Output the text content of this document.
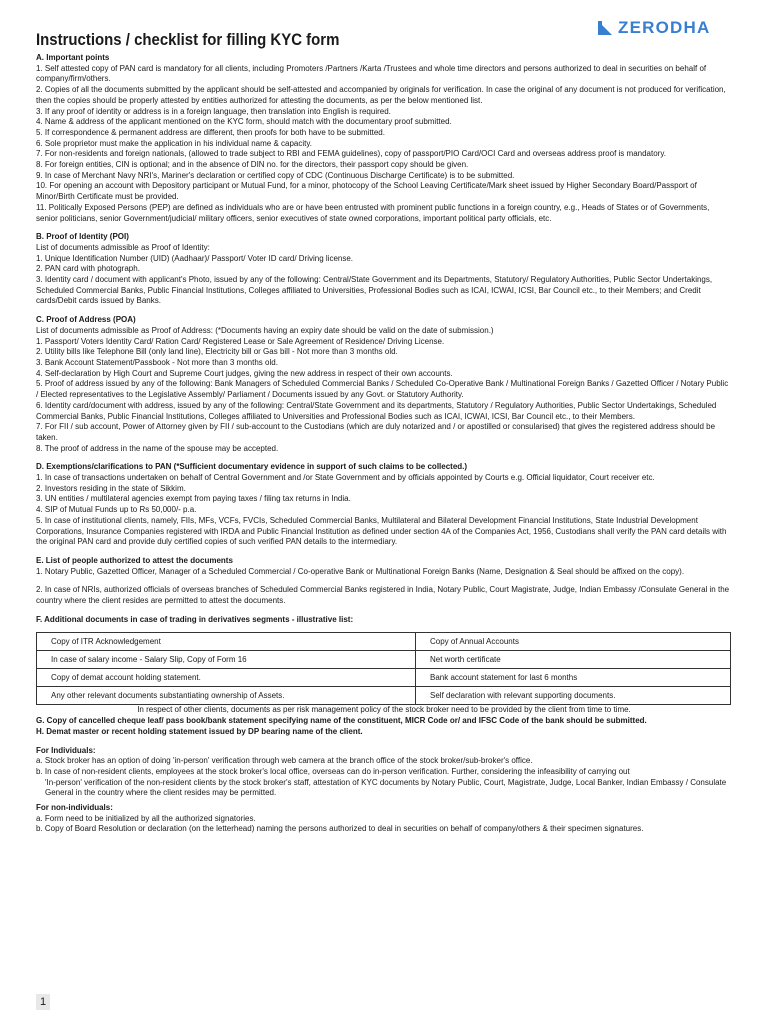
ZERODHA
Instructions / checklist for filling KYC form

A. Important points

1. Self attested copy of PAN card is mandatory for all clients, including Promoters /Partners /Karta /Trustees and whole time directors and persons authorized to deal in securities on behalf of company/firm/others.

2. Copies of all the documents submitted by the applicant should be self-attested and accompanied by originals for verification. In case the original of any document is not produced for verification, then the copies should be properly attested by entities authorized for attesting the documents, as per the below mentioned list.

3. If any proof of identity or address is in a foreign language, then translation into English is required.

4. Name & address of the applicant mentioned on the KYC form, should match with the documentary proof submitted.

5. If correspondence & permanent address are different, then proofs for both have to be submitted.

6. Sole proprietor must make the application in his individual name & capacity.

7. For non-residents and foreign nationals, (allowed to trade subject to RBI and FEMA guidelines), copy of passport/PIO Card/OCI Card and overseas address proof is mandatory.

8. For foreign entities, CIN is optional; and in the absence of DIN no. for the directors, their passport copy should be given.

9. In case of Merchant Navy NRI's, Mariner's declaration or certified copy of CDC (Continuous Discharge Certificate) is to be submitted.

10. For opening an account with Depository participant or Mutual Fund, for a minor, photocopy of the School Leaving Certificate/Mark sheet issued by Higher Secondary Board/Passport of Minor/Birth Certificate must be provided.

11. Politically Exposed Persons (PEP) are defined as individuals who are or have been entrusted with prominent public functions in a foreign country, e.g., Heads of States or of Governments, senior politicians, senior Government/judicial/ military officers, senior executives of state owned corporations, important political party officials, etc.

B. Proof of Identity (POI)

List of documents admissible as Proof of Identity:

1. Unique Identification Number (UID) (Aadhaar)/ Passport/ Voter ID card/ Driving license.

2. PAN card with photograph.

3. Identity card / document with applicant's Photo, issued by any of the following: Central/State Government and its Departments, Statutory/ Regulatory Authorities, Public Sector Undertakings, Scheduled Commercial Banks, Public Financial Institutions, Colleges affiliated to Universities, Professional Bodies such as ICAI, ICWAI, ICSI, Bar Council etc., to their Members; and Credit cards/Debit cards issued by Banks.

C. Proof of Address (POA)

List of documents admissible as Proof of Address: (*Documents having an expiry date should be valid on the date of submission.)

1. Passport/ Voters Identity Card/ Ration Card/ Registered Lease or Sale Agreement of Residence/ Driving License.

2. Utility bills like Telephone Bill (only land line), Electricity bill or Gas bill - Not more than 3 months old.

3. Bank Account Statement/Passbook - Not more than 3 months old.

4. Self-declaration by High Court and Supreme Court judges, giving the new address in respect of their own accounts.

5. Proof of address issued by any of the following: Bank Managers of Scheduled Commercial Banks / Scheduled Co-Operative Bank / Multinational Foreign Banks / Gazetted Officer / Notary Public / Elected representatives to the Legislative Assembly/ Parliament / Documents issued by any Govt. or Statutory Authority.

6. Identity card/document with address, issued by any of the following: Central/State Government and its departments, Statutory / Regulatory Authorities, Public Sector Undertakings, Scheduled Commercial Banks, Public Financial Institutions, Colleges affiliated to Universities and Professional Bodies such as ICAI, ICWAI, ICSI, Bar Council etc., to their Members.

7. For FII / sub account, Power of Attorney given by FII / sub-account to the Custodians (which are duly notarized and / or apostilled or consularised) that gives the registered address should be taken.

8. The proof of address in the name of the spouse may be accepted.

D. Exemptions/clarifications to PAN (*Sufficient documentary evidence in support of such claims to be collected.)

1. In case of transactions undertaken on behalf of Central Government and /or State Government and by officials appointed by Courts e.g. Official liquidator, Court receiver etc.

2. Investors residing in the state of Sikkim.

3. UN entities / multilateral agencies exempt from paying taxes / filing tax returns in India.

4. SIP of Mutual Funds up to Rs 50,000/- p.a.

5. In case of institutional clients, namely, FIIs, MFs, VCFs, FVCIs, Scheduled Commercial Banks, Multilateral and Bilateral Development Financial Institutions, State Industrial Development Corporations, Insurance Companies registered with IRDA and Public Financial Institution as defined under section 4A of the Companies Act, 1956, Custodians shall verify the PAN card details with the original PAN card and provide duly certified copies of such verified PAN details to the intermediary.

E. List of people authorized to attest the documents

1. Notary Public, Gazetted Officer, Manager of a Scheduled Commercial / Co-operative Bank or Multinational Foreign Banks (Name, Designation & Seal should be affixed on the copy).

2. In case of NRIs, authorized officials of overseas branches of Scheduled Commercial Banks registered in India, Notary Public, Court Magistrate, Judge, Indian Embassy /Consulate General in the country where the client resides are permitted to attest the documents.

F. Additional documents in case of trading in derivatives segments - illustrative list:

Copy of ITR Acknowledgement	Copy of Annual Accounts
In case of salary income - Salary Slip, Copy of Form 16	Net worth certificate
Copy of demat account holding statement.	Bank account statement for last 6 months
Any other relevant documents substantiating ownership of Assets.	Self declaration with relevant supporting documents.

In respect of other clients, documents as per risk management policy of the stock broker need to be provided by the client from time to time.

G. Copy of cancelled cheque leaf/ pass book/bank statement specifying name of the constituent, MICR Code or/ and IFSC Code of the bank should be submitted.

H. Demat master or recent holding statement issued by DP bearing name of the client.

For Individuals:

a. Stock broker has an option of doing 'in-person' verification through web camera at the branch office of the stock broker/sub-broker's office.

b. In case of non-resident clients, employees at the stock broker's local office, overseas can do in-person verification. Further, considering the infeasibility of carrying out

'In-person' verification of the non-resident clients by the stock broker's staff, attestation of KYC documents by Notary Public, Court, Magistrate, Judge, Local Banker, Indian Embassy / Consulate General in the country where the client resides may be permitted.

For non-individuals:

a. Form need to be initialized by all the authorized signatories.

b. Copy of Board Resolution or declaration (on the letterhead) naming the persons authorized to deal in securities on behalf of company/others & their specimen signatures.

1
